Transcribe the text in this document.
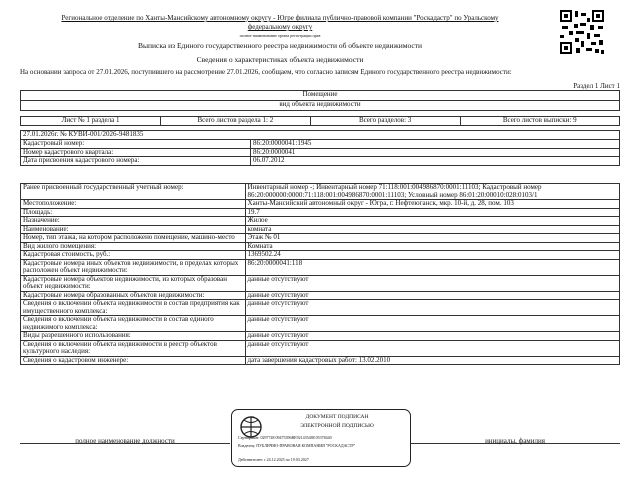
Региональное отделение по Ханты-Мансийскому автономному округу - Югре филиала публично-правовой компании "Роскадастр" по Уральскому
федеральному округу
полное наименование органа регистрации прав
Выписка из Единого государственного реестра недвижимости об объекте недвижимости
Сведения о характеристиках объекта недвижимости
На основании запроса от 27.01.2026, поступившего на рассмотрение 27.01.2026, сообщаем, что согласно записям Единого государственного реестра недвижимости:
Раздел 1 Лист 1
Помещение
вид объекта недвижимости
Лист № 1 раздела 1	Всего листов раздела 1: 2	Всего разделов: 3	Всего листов выписки: 9
27.01.2026г. № КУВИ-001/2026-9481835	
Кадастровый номер:	86:20:0000041:1945
Номер кадастрового квартала:	86:20:0000041
Дата присвоения кадастрового номера:	06.07.2012
Ранее присвоенный государственный учетный номер:	Инвентарный номер -; Инвентарный номер 71:118:001:004986870:0001:11103; Кадастровый номер 86:20:000000:0000:71:118:001:004986870:0001:11103; Условный номер 86:01:20:00010:028:0103/1
Местоположение:	Ханты-Мансийский автономный округ - Югра, г. Нефтеюганск, мкр. 10-й, д. 28, пом. 103
Площадь:	19.7
Назначение:	Жилое
Наименование:	комната
Номер, тип этажа, на котором расположено помещение, машино-место	Этаж № 01
Вид жилого помещения:	Комната
Кадастровая стоимость, руб.:	1369502.24
Кадастровые номера иных объектов недвижимости, в пределах которых расположен объект недвижимости:	86:20:0000041:118
Кадастровые номера объектов недвижимости, из которых образован объект недвижимости:	данные отсутствуют
Кадастровые номера образованных объектов недвижимости:	данные отсутствуют
Сведения о включении объекта недвижимости в состав предприятия как имущественного комплекса:	данные отсутствуют
Сведения о включении объекта недвижимости в состав единого недвижимого комплекса:	данные отсутствуют
Виды разрешенного использования:	данные отсутствуют
Сведения о включении объекта недвижимости в реестр объектов культурного наследия:	данные отсутствуют
Сведения о кадастровом инженере:	дата завершения кадастровых работ: 13.02.2010
полное наименование должности	инициалы, фамилия
ДОКУМЕНТ ПОДПИСАН
ЭЛЕКТРОННОЙ ПОДПИСЬЮ
Сертификат: 0297748 09475396BE921435488 05378440
Владелец: ПУБЛИЧНО-ПРАВОВАЯ КОМПАНИЯ "РОСКАДАСТР"
Действителен: с 24.12.2025 по 19.03.2027
